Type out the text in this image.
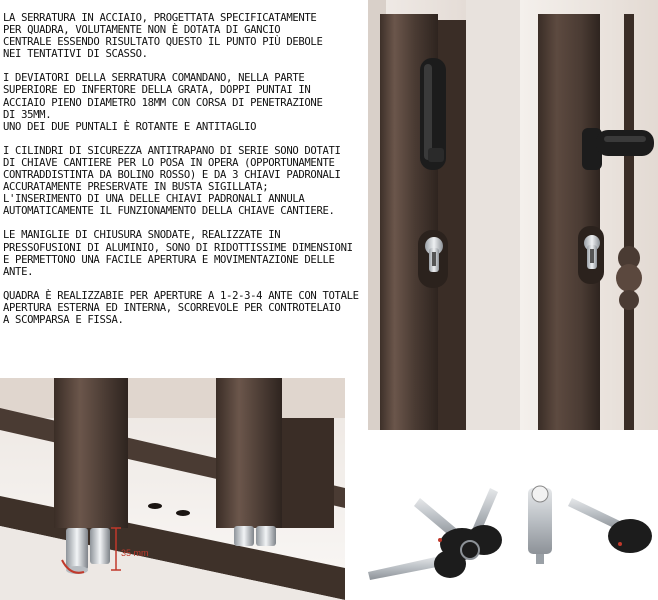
LA SERRATURA IN ACCIAIO, PROGETTATA SPECIFICATAMENTE
PER QUADRA, VOLUTAMENTE NON È DOTATA DI GANCIO
CENTRALE ESSENDO RISULTATO QUESTO IL PUNTO PIÙ DEBOLE
NEI TENTATIVI DI SCASSO.

I DEVIATORI DELLA SERRATURA COMANDANO, NELLA PARTE
SUPERIORE ED INFERTORE DELLA GRATA, DOPPI PUNTAI IN
ACCIAIO PIENO DIAMETRO 18MM CON CORSA DI PENETRAZIONE
DI 35MM.
UNO DEI DUE PUNTALI È ROTANTE E ANTITAGLIO

I CILINDRI DI SICUREZZA ANTITRAPANO DI SERIE SONO DOTATI
DI CHIAVE CANTIERE PER LO POSA IN OPERA (OPPORTUNAMENTE
CONTRADDISTINTA DA BOLINO ROSSO) E DA 3 CHIAVI PADRONALI
ACCURATAMENTE PRESERVATE IN BUSTA SIGILLATA;
L'INSERIMENTO DI UNA DELLE CHIAVI PADRONALI ANNULA
AUTOMATICAMENTE IL FUNZIONAMENTO DELLA CHIAVE CANTIERE.

LE MANIGLIE DI CHIUSURA SNODATE, REALIZZATE IN
PRESSOFUSIONI DI ALUMINIO, SONO DI RIDOTTISSIME DIMENSIONI
E PERMETTONO UNA FACILE APERTURA E MOVIMENTAZIONE DELLE
ANTE.

QUADRA È REALIZZABIE PER APERTURE A 1-2-3-4 ANTE CON TOTALE
APERTURA ESTERNA ED INTERNA, SCORREVOLE PER CONTROTELAIO
A SCOMPARSA E FISSA.

35 mm
